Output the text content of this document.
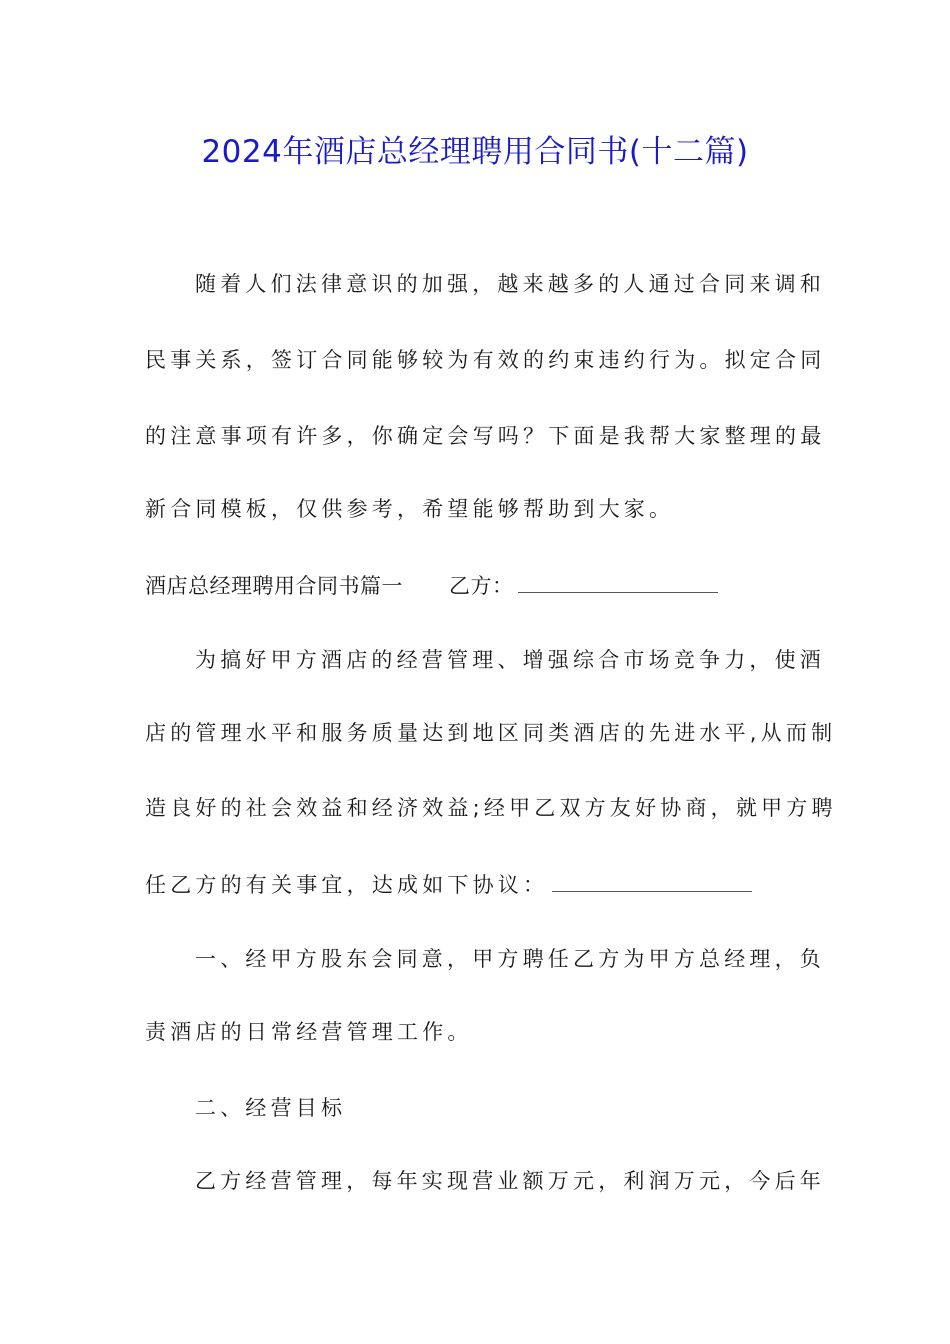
2024年酒店总经理聘用合同书(十二篇)
随着人们法律意识的加强，越来越多的人通过合同来调和
民事关系，签订合同能够较为有效的约束违约行为。拟定合同
的注意事项有许多，你确定会写吗？下面是我帮大家整理的最
新合同模板，仅供参考，希望能够帮助到大家。
酒店总经理聘用合同书篇一 乙方：
为搞好甲方酒店的经营管理、增强综合市场竞争力，使酒
店的管理水平和服务质量达到地区同类酒店的先进水平,从而制
造良好的社会效益和经济效益;经甲乙双方友好协商，就甲方聘
任乙方的有关事宜，达成如下协议：
一、经甲方股东会同意，甲方聘任乙方为甲方总经理，负
责酒店的日常经营管理工作。
二、经营目标
乙方经营管理，每年实现营业额万元，利润万元，今后年
